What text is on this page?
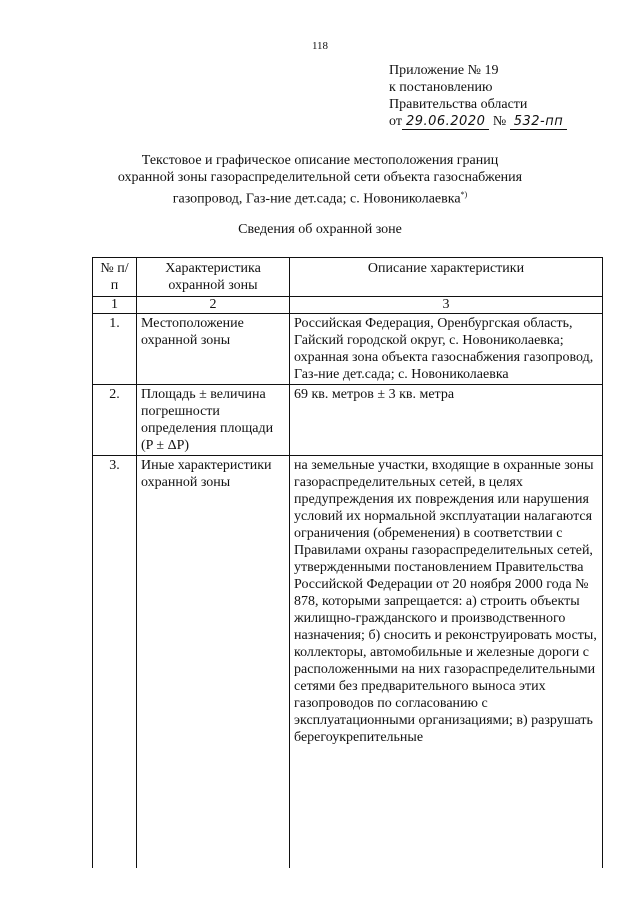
118
Приложение № 19
к постановлению
Правительства области
от 29.06.2020 № 532-пп
Текстовое и графическое описание местоположения границ
охранной зоны газораспределительной сети объекта газоснабжения
газопровод, Газ-ние дет.сада; с. Новониколаевка*)
Сведения об охранной зоне
№ п/п	Характеристика охранной зоны	Описание характеристики
1	2	3
1.	Местоположение охранной зоны	Российская Федерация, Оренбургская область, Гайский городской округ, с. Новониколаевка; охранная зона объекта газоснабжения газопровод, Газ-ние дет.сада; с. Новониколаевка
2.	Площадь ± величина погрешности определения площади (P ± ΔP)	69 кв. метров ± 3 кв. метра
3.	Иные характеристики охранной зоны	на земельные участки, входящие в охранные зоны газораспределительных сетей, в целях предупреждения их повреждения или нарушения условий их нормальной эксплуатации налагаются ограничения (обременения) в соответствии с Правилами охраны газораспределительных сетей, утвержденными постановлением Правительства Российской Федерации от 20 ноября 2000 года № 878, которыми запрещается: а) строить объекты жилищно-гражданского и производственного назначения; б) сносить и реконструировать мосты, коллекторы, автомобильные и железные дороги с расположенными на них газораспределительными сетями без предварительного выноса этих газопроводов по согласованию с эксплуатационными организациями; в) разрушать берегоукрепительные
